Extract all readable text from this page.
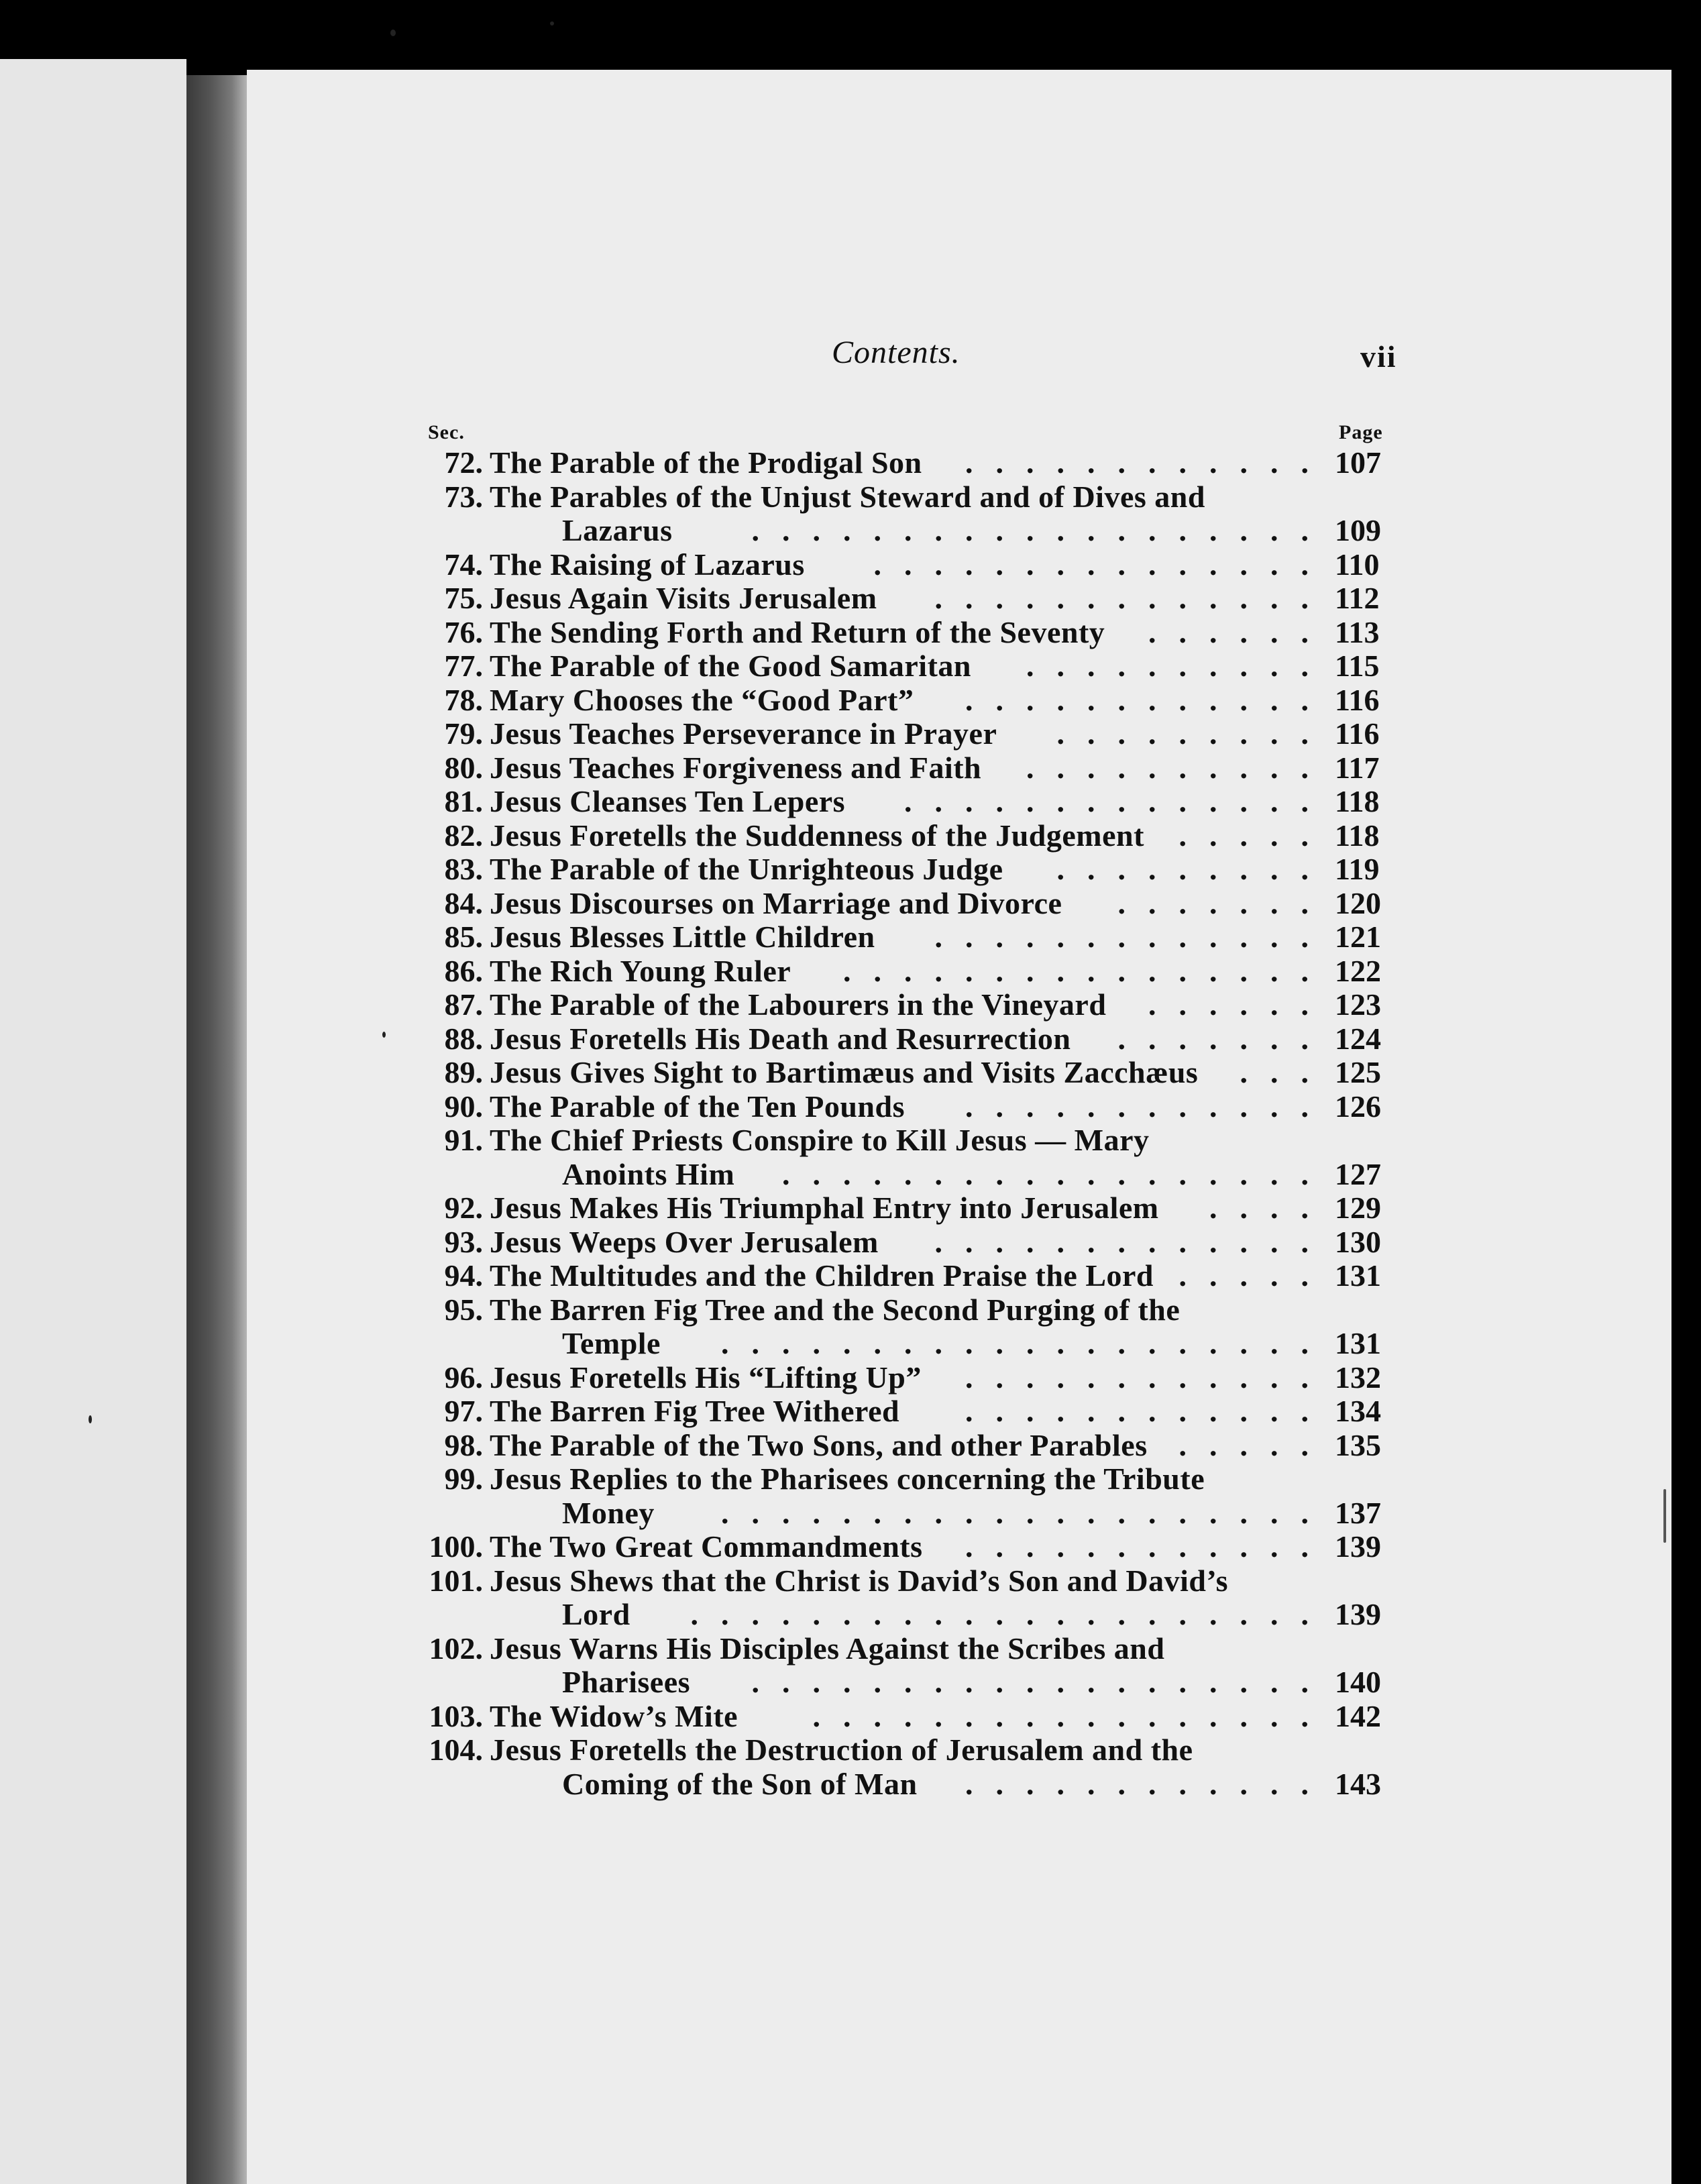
Contents.	vii
Sec.	Page
72. The Parable of the Prodigal Son	............ 107
73. The Parables of the Unjust Steward and of Dives and
Lazarus	................... 109
74. The Raising of Lazarus	............... 110
75. Jesus Again Visits Jerusalem	............. 112
76. The Sending Forth and Return of the Seventy	...... 113
77. The Parable of the Good Samaritan	.......... 115
78. Mary Chooses the “Good Part”	............ 116
79. Jesus Teaches Perseverance in Prayer	......... 116
80. Jesus Teaches Forgiveness and Faith	.......... 117
81. Jesus Cleanses Ten Lepers	.............. 118
82. Jesus Foretells the Suddenness of the Judgement	..... 118
83. The Parable of the Unrighteous Judge	......... 119
84. Jesus Discourses on Marriage and Divorce	....... 120
85. Jesus Blesses Little Children	............. 121
86. The Rich Young Ruler	................ 122
87. The Parable of the Labourers in the Vineyard	...... 123
88. Jesus Foretells His Death and Resurrection	....... 124
89. Jesus Gives Sight to Bartimæus and Visits Zacchæus	... 125
90. The Parable of the Ten Pounds	............ 126
91. The Chief Priests Conspire to Kill Jesus — Mary
Anoints Him	.................. 127
92. Jesus Makes His Triumphal Entry into Jerusalem	.... 129
93. Jesus Weeps Over Jerusalem	............. 130
94. The Multitudes and the Children Praise the Lord ..... 131
95. The Barren Fig Tree and the Second Purging of the
Temple	.................... 131
96. Jesus Foretells His “Lifting Up”	............ 132
97. The Barren Fig Tree Withered	............ 134
98. The Parable of the Two Sons, and other Parables	..... 135
99. Jesus Replies to the Pharisees concerning the Tribute
Money	.................... 137
100. The Two Great Commandments	............ 139
101. Jesus Shews that the Christ is David’s Son and David’s
Lord	..................... 139
102. Jesus Warns His Disciples Against the Scribes and
Pharisees	................... 140
103. The Widow’s Mite	................. 142
104. Jesus Foretells the Destruction of Jerusalem and the
Coming of the Son of Man	............ 143
